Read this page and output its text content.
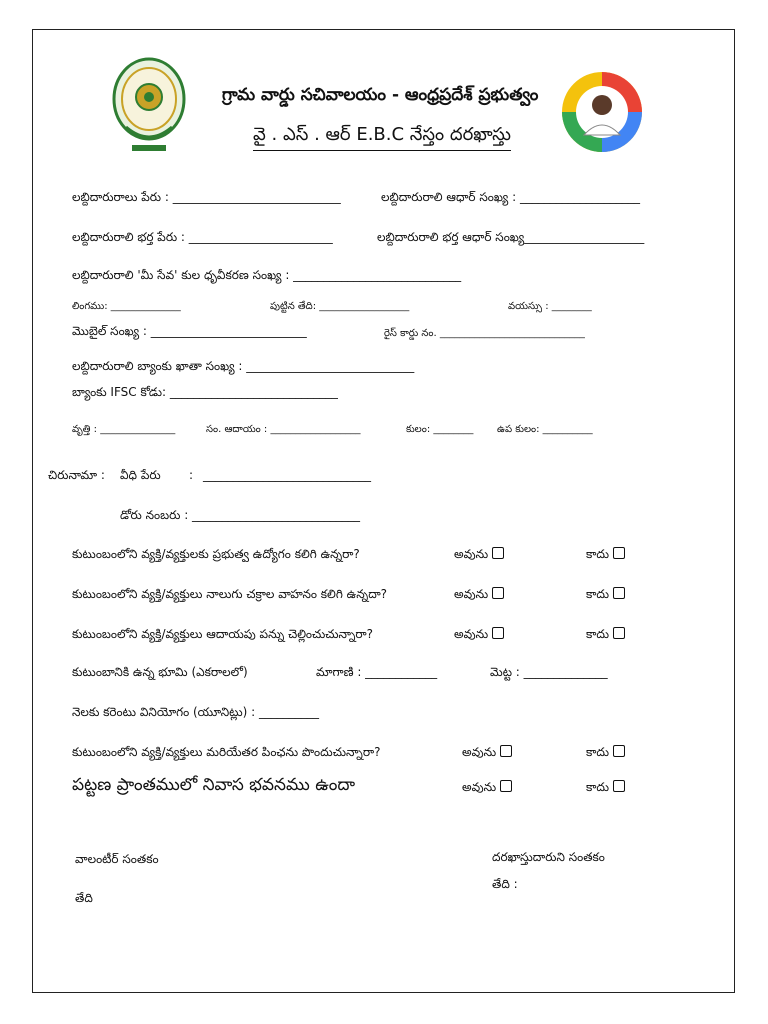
గ్రామ వార్డు సచివాలయం - ఆంధ్రప్రదేశ్ ప్రభుత్వం
వై . ఎస్ . ఆర్ E.B.C నేస్తం దరఖాస్తు
లబ్దిదారురాలు పేరు : ____________________________	లబ్దిదారురాలి ఆధార్ సంఖ్య : ____________________
లబ్దిదారురాలి భర్త పేరు : ________________________	లబ్దిదారురాలి భర్త ఆధార్ సంఖ్య____________________
లబ్దిదారురాలి 'మీ సేవ' కుల ధృవీకరణ సంఖ్య : ____________________________
లింగము: ______________	పుట్టిన తేది: __________________	వయస్సు : ________
మొబైల్ సంఖ్య : __________________________	రైస్ కార్డు నం. _____________________________
లబ్దిదారురాలి బ్యాంకు ఖాతా సంఖ్య : ____________________________
బ్యాంకు IFSC కోడు: ____________________________
వృత్తి : _______________	సం. ఆదాయం : __________________	కులం: ________ ఉప కులం: __________
చిరునామా : వీధి పేరు : ____________________________
డోరు నంబరు : ____________________________
కుటుంబంలోని వ్యక్తి/వ్యక్తులకు ప్రభుత్వ ఉద్యోగం కలిగి ఉన్నరా?	అవును	కాదు
కుటుంబంలోని వ్యక్తి/వ్యక్తులు నాలుగు చక్రాల వాహనం కలిగి ఉన్నదా?	అవును	కాదు
కుటుంబంలోని వ్యక్తి/వ్యక్తులు ఆదాయపు పన్ను చెల్లించుచున్నారా?	అవును	కాదు
కుటుంబానికి ఉన్న భూమి (ఎకరాలలో)	మాగాణి : ____________	మెట్ట : ______________
నెలకు కరెంటు వినియోగం (యూనిట్లు) : __________
కుటుంబంలోని వ్యక్తి/వ్యక్తులు మరియేతర పింఛను పొందుచున్నారా?	అవును	కాదు
పట్టణ ప్రాంతములో నివాస భవనము ఉందా	అవును	కాదు
వాలంటీర్ సంతకం
తేది
దరఖాస్తుదారుని సంతకం
తేది :
